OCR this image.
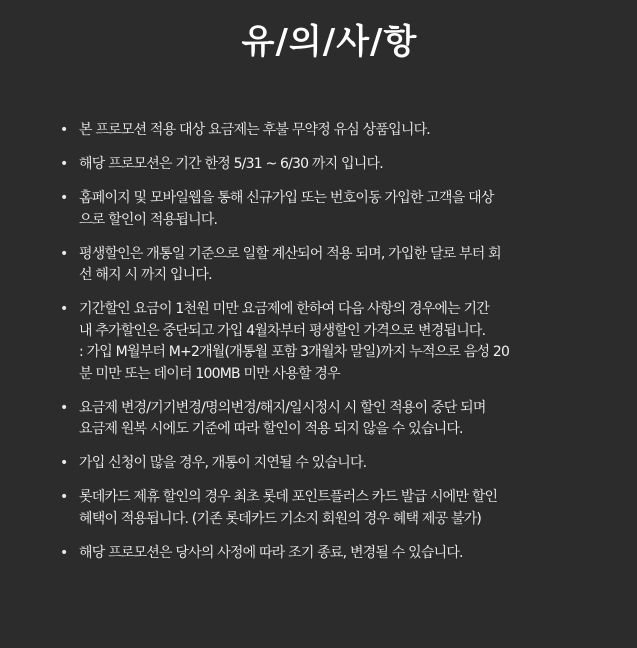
유/의/사/항
• 본 프로모션 적용 대상 요금제는 후불 무약정 유심 상품입니다.
• 해당 프로모션은 기간 한정 5/31 ~ 6/30 까지 입니다.
• 홈페이지 및 모바일웹을 통해 신규가입 또는 번호이동 가입한 고객을 대상
으로 할인이 적용됩니다.
• 평생할인은 개통일 기준으로 일할 계산되어 적용 되며, 가입한 달로 부터 회
선 해지 시 까지 입니다.
• 기간할인 요금이 1천원 미만 요금제에 한하여 다음 사항의 경우에는 기간
내 추가할인은 중단되고 가입 4월차부터 평생할인 가격으로 변경됩니다.
: 가입 M월부터 M+2개월(개통월 포함 3개월차 말일)까지 누적으로 음성 20
분 미만 또는 데이터 100MB 미만 사용할 경우
• 요금제 변경/기기변경/명의변경/해지/일시정시 시 할인 적용이 중단 되며
요금제 원복 시에도 기준에 따라 할인이 적용 되지 않을 수 있습니다.
• 가입 신청이 많을 경우, 개통이 지연될 수 있습니다.
• 롯데카드 제휴 할인의 경우 최초 롯데 포인트플러스 카드 발급 시에만 할인
혜택이 적용됩니다. (기존 롯데카드 기소지 회원의 경우 혜택 제공 불가)
• 해당 프로모션은 당사의 사정에 따라 조기 종료, 변경될 수 있습니다.
